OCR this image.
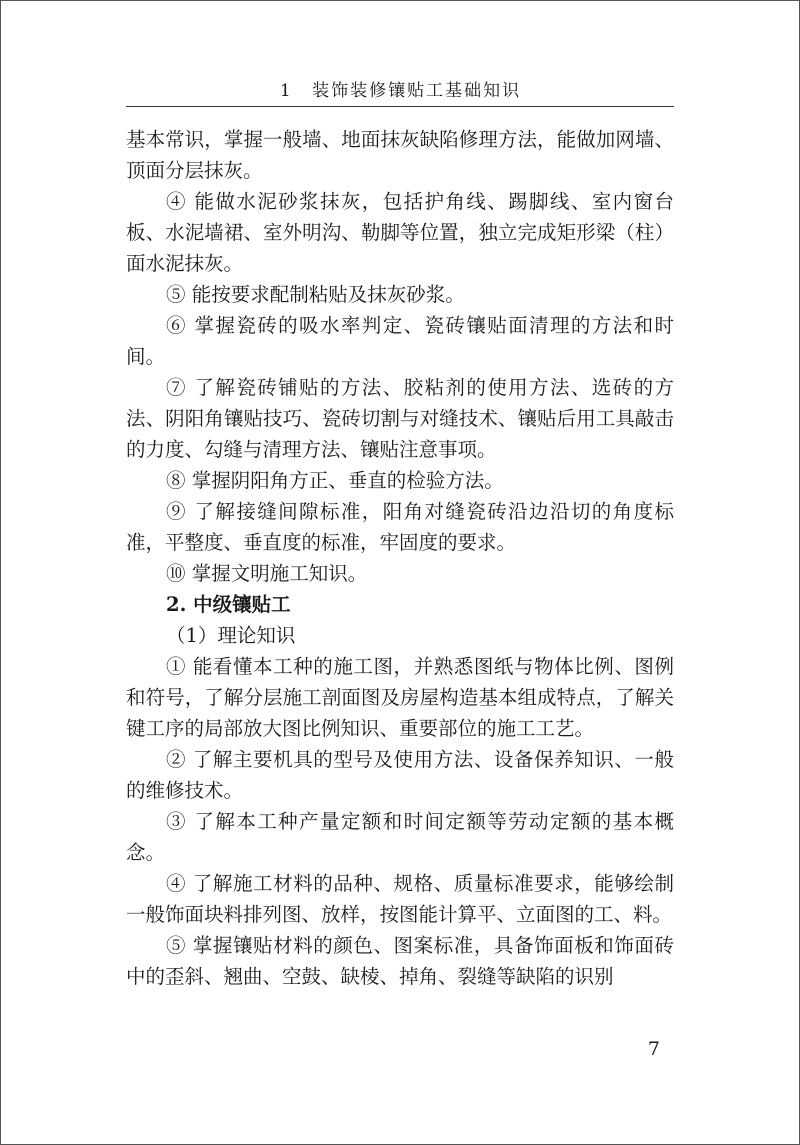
1 装饰装修镶贴工基础知识

基本常识，掌握一般墙、地面抹灰缺陷修理方法，能做加网墙、顶面分层抹灰。

④ 能做水泥砂浆抹灰，包括护角线、踢脚线、室内窗台板、水泥墙裙、室外明沟、勒脚等位置，独立完成矩形梁（柱）面水泥抹灰。

⑤ 能按要求配制粘贴及抹灰砂浆。

⑥ 掌握瓷砖的吸水率判定、瓷砖镶贴面清理的方法和时间。

⑦ 了解瓷砖铺贴的方法、胶粘剂的使用方法、选砖的方法、阴阳角镶贴技巧、瓷砖切割与对缝技术、镶贴后用工具敲击的力度、勾缝与清理方法、镶贴注意事项。

⑧ 掌握阴阳角方正、垂直的检验方法。

⑨ 了解接缝间隙标准，阳角对缝瓷砖沿边沿切的角度标准，平整度、垂直度的标准，牢固度的要求。

⑩ 掌握文明施工知识。

2. 中级镶贴工

（1）理论知识

① 能看懂本工种的施工图，并熟悉图纸与物体比例、图例和符号，了解分层施工剖面图及房屋构造基本组成特点，了解关键工序的局部放大图比例知识、重要部位的施工工艺。

② 了解主要机具的型号及使用方法、设备保养知识、一般的维修技术。

③ 了解本工种产量定额和时间定额等劳动定额的基本概念。

④ 了解施工材料的品种、规格、质量标准要求，能够绘制一般饰面块料排列图、放样，按图能计算平、立面图的工、料。

⑤ 掌握镶贴材料的颜色、图案标准，具备饰面板和饰面砖中的歪斜、翘曲、空鼓、缺棱、掉角、裂缝等缺陷的识别

7
